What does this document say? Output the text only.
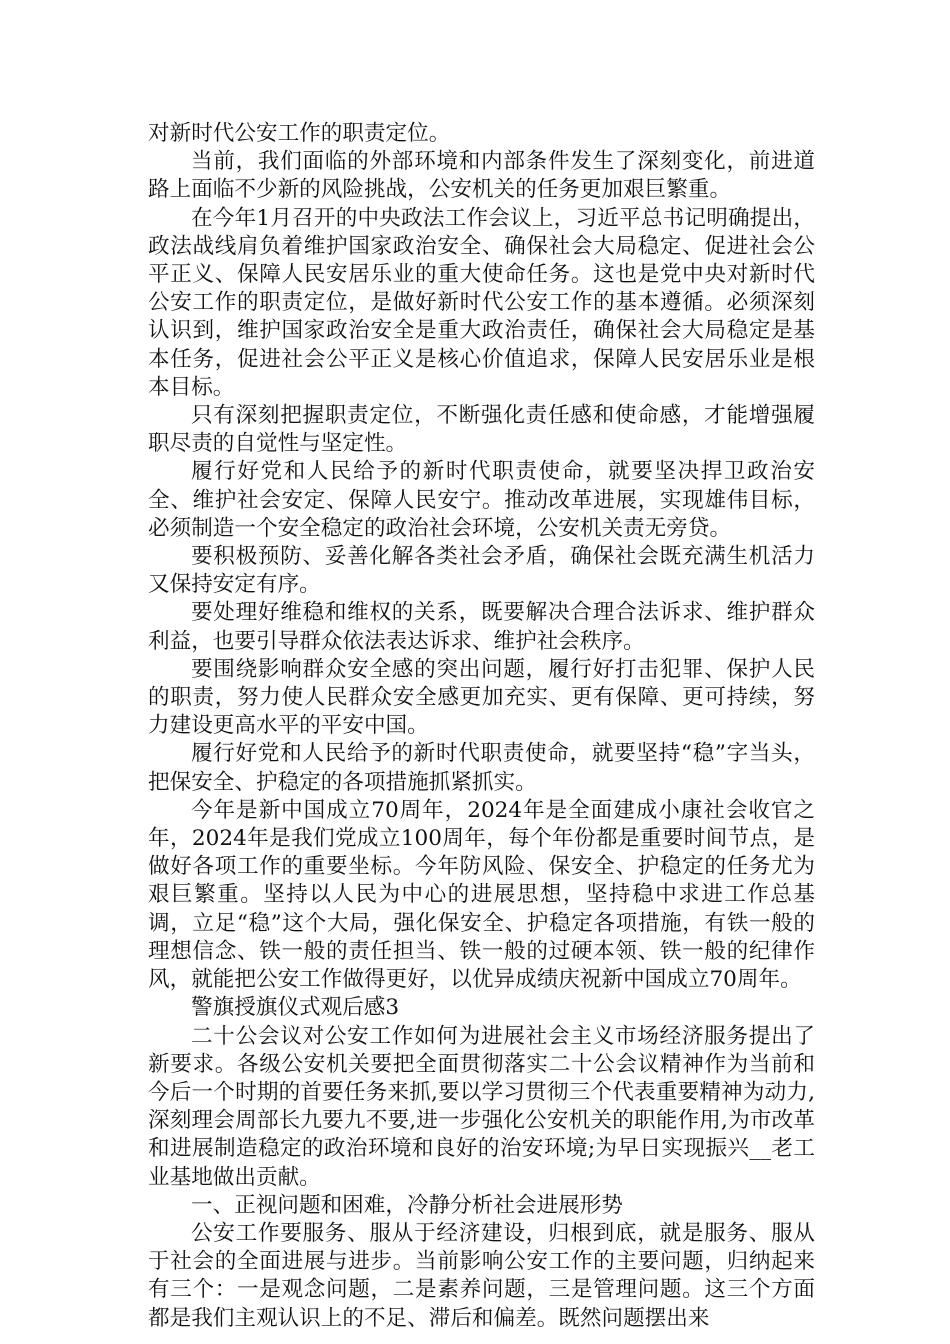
对新时代公安工作的职责定位。

当前，我们面临的外部环境和内部条件发生了深刻变化，前进道路上面临不少新的风险挑战，公安机关的任务更加艰巨繁重。

在今年1月召开的中央政法工作会议上，习近平总书记明确提出，政法战线肩负着维护国家政治安全、确保社会大局稳定、促进社会公平正义、保障人民安居乐业的重大使命任务。这也是党中央对新时代公安工作的职责定位，是做好新时代公安工作的基本遵循。必须深刻认识到，维护国家政治安全是重大政治责任，确保社会大局稳定是基本任务，促进社会公平正义是核心价值追求，保障人民安居乐业是根本目标。

只有深刻把握职责定位，不断强化责任感和使命感，才能增强履职尽责的自觉性与坚定性。

履行好党和人民给予的新时代职责使命，就要坚决捍卫政治安全、维护社会安定、保障人民安宁。推动改革进展，实现雄伟目标，必须制造一个安全稳定的政治社会环境，公安机关责无旁贷。

要积极预防、妥善化解各类社会矛盾，确保社会既充满生机活力又保持安定有序。

要处理好维稳和维权的关系，既要解决合理合法诉求、维护群众利益，也要引导群众依法表达诉求、维护社会秩序。

要围绕影响群众安全感的突出问题，履行好打击犯罪、保护人民的职责，努力使人民群众安全感更加充实、更有保障、更可持续，努力建设更高水平的平安中国。

履行好党和人民给予的新时代职责使命，就要坚持“稳”字当头，把保安全、护稳定的各项措施抓紧抓实。

今年是新中国成立70周年，2024年是全面建成小康社会收官之年，2024年是我们党成立100周年，每个年份都是重要时间节点，是做好各项工作的重要坐标。今年防风险、保安全、护稳定的任务尤为艰巨繁重。坚持以人民为中心的进展思想，坚持稳中求进工作总基调，立足“稳”这个大局，强化保安全、护稳定各项措施，有铁一般的理想信念、铁一般的责任担当、铁一般的过硬本领、铁一般的纪律作风，就能把公安工作做得更好，以优异成绩庆祝新中国成立70周年。

警旗授旗仪式观后感3

二十公会议对公安工作如何为进展社会主义市场经济服务提出了新要求。各级公安机关要把全面贯彻落实二十公会议精神作为当前和今后一个时期的首要任务来抓,要以学习贯彻三个代表重要精神为动力,深刻理会周部长九要九不要,进一步强化公安机关的职能作用,为市改革和进展制造稳定的政治环境和良好的治安环境;为早日实现振兴__老工业基地做出贡献。

一、正视问题和困难，冷静分析社会进展形势

公安工作要服务、服从于经济建设，归根到底，就是服务、服从于社会的全面进展与进步。当前影响公安工作的主要问题，归纳起来有三个：一是观念问题，二是素养问题，三是管理问题。这三个方面都是我们主观认识上的不足、滞后和偏差。既然问题摆出来
